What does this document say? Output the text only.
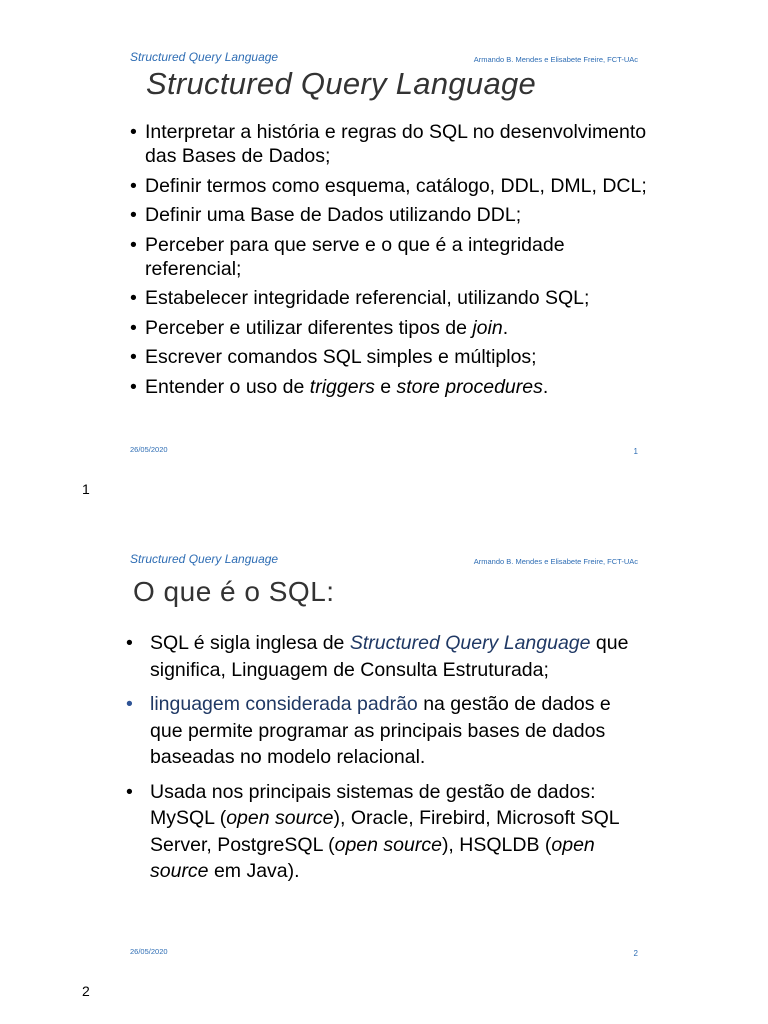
Structured Query Language	Armando B. Mendes e Elisabete Freire, FCT-UAc
Structured Query Language
• Interpretar a história e regras do SQL no desenvolvimento das Bases de Dados;
• Definir termos como esquema, catálogo, DDL, DML, DCL;
• Definir uma Base de Dados utilizando DDL;
• Perceber para que serve e o que é a integridade referencial;
• Estabelecer integridade referencial, utilizando SQL;
• Perceber e utilizar diferentes tipos de join.
• Escrever comandos SQL simples e múltiplos;
• Entender o uso de triggers e store procedures.
26/05/2020	1
1
Structured Query Language	Armando B. Mendes e Elisabete Freire, FCT-UAc
O que é o SQL:
• SQL é sigla inglesa de Structured Query Language que significa, Linguagem de Consulta Estruturada;
• linguagem considerada padrão na gestão de dados e que permite programar as principais bases de dados baseadas no modelo relacional.
• Usada nos principais sistemas de gestão de dados: MySQL (open source), Oracle, Firebird, Microsoft SQL Server, PostgreSQL (open source), HSQLDB (open source em Java).
26/05/2020	2
2
